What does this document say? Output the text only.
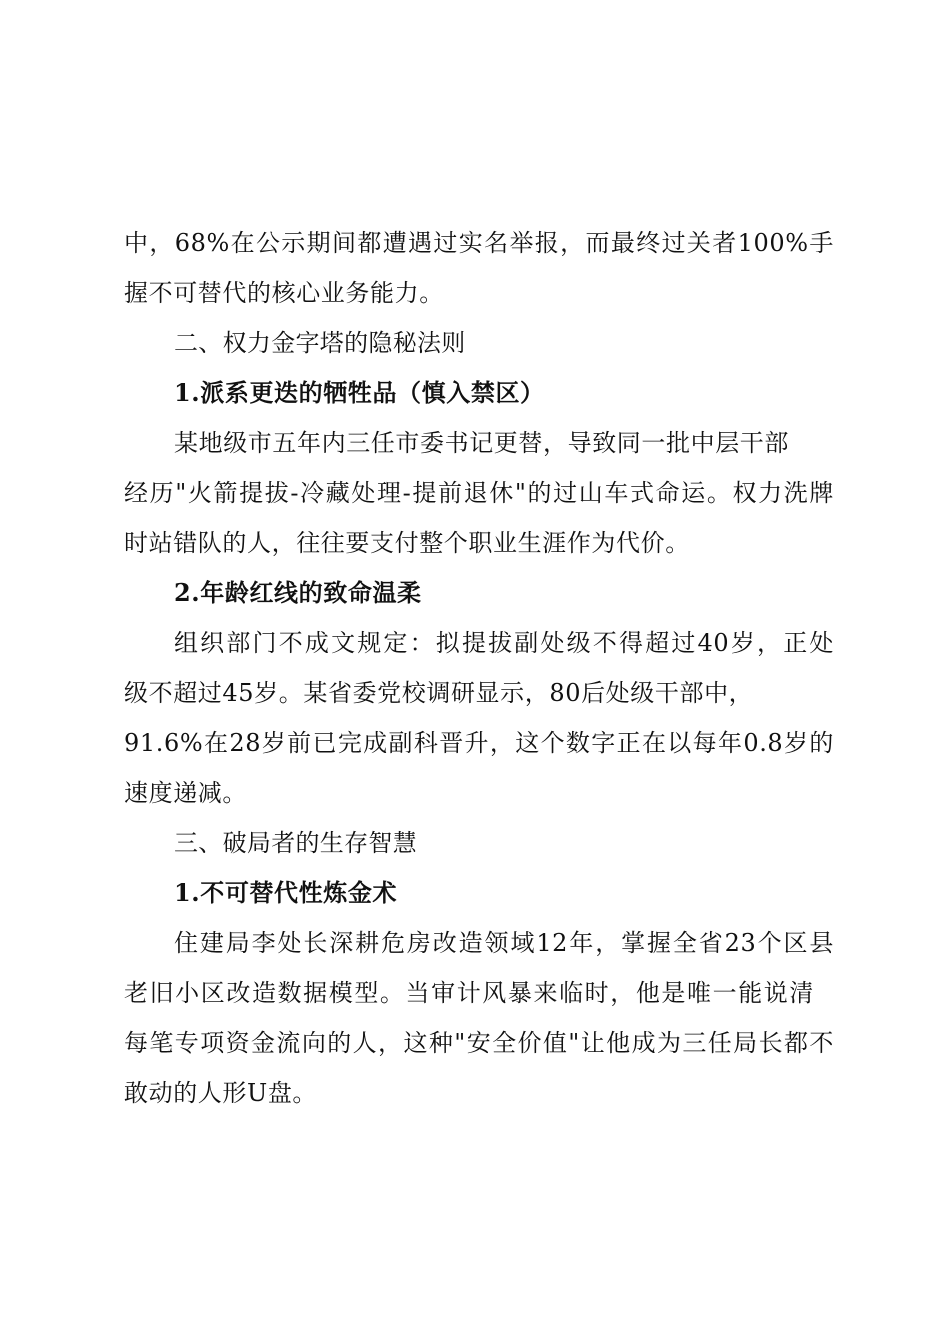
中，68%在公示期间都遭遇过实名举报，而最终过关者100%手
握不可替代的核心业务能力。
二、权力金字塔的隐秘法则
1.派系更迭的牺牲品（慎入禁区）
某地级市五年内三任市委书记更替，导致同一批中层干部
经历"火箭提拔-冷藏处理-提前退休"的过山车式命运。权力洗牌
时站错队的人，往往要支付整个职业生涯作为代价。
2.年龄红线的致命温柔
组织部门不成文规定：拟提拔副处级不得超过40岁，正处
级不超过45岁。某省委党校调研显示，80后处级干部中，
91.6%在28岁前已完成副科晋升，这个数字正在以每年0.8岁的
速度递减。
三、破局者的生存智慧
1.不可替代性炼金术
住建局李处长深耕危房改造领域12年，掌握全省23个区县
老旧小区改造数据模型。当审计风暴来临时，他是唯一能说清
每笔专项资金流向的人，这种"安全价值"让他成为三任局长都不
敢动的人形U盘。
